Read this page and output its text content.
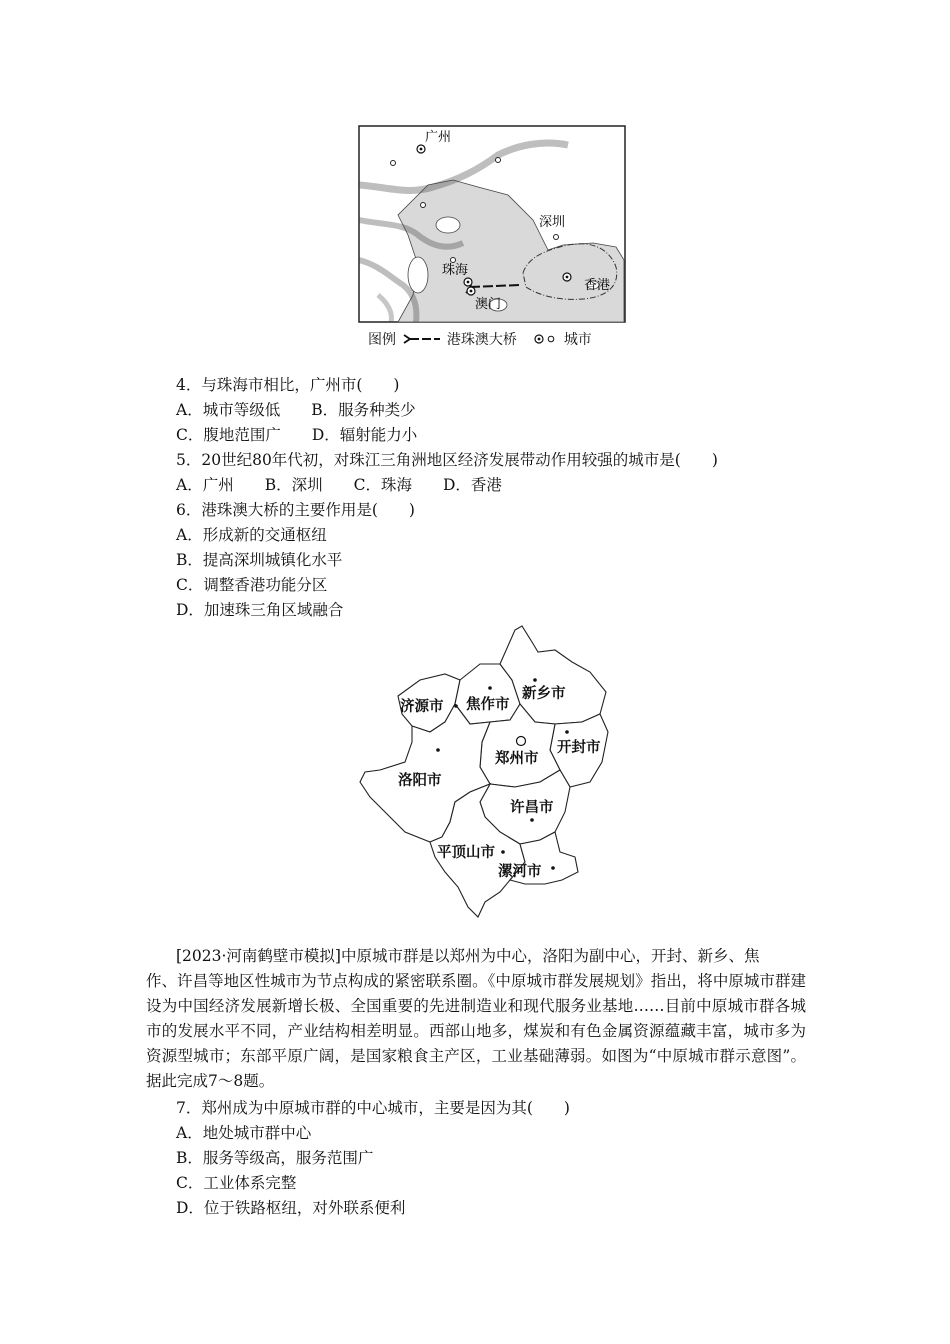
广州
深圳
珠海
澳门
香港
图例	港珠澳大桥	城市
4．与珠海市相比，广州市(　　)
A．城市等级低　　B．服务种类少
C．腹地范围广　　D．辐射能力小
5．20世纪80年代初，对珠江三角洲地区经济发展带动作用较强的城市是(　　)
A．广州　　B．深圳　　C．珠海　　D．香港
6．港珠澳大桥的主要作用是(　　)
A．形成新的交通枢纽
B．提高深圳城镇化水平
C．调整香港功能分区
D．加速珠三角区域融合
济源市 焦作市
新乡市
开封市
郑州市
洛阳市
许昌市
平顶山市
漯河市

[2023·河南鹤壁市模拟]中原城市群是以郑州为中心，洛阳为副中心，开封、新乡、焦

作、许昌等地区性城市为节点构成的紧密联系圈。《中原城市群发展规划》指出，将中原城市群建设为中国经济发展新增长极、全国重要的先进制造业和现代服务业基地……目前中原城市群各城市的发展水平不同，产业结构相差明显。西部山地多，煤炭和有色金属资源蕴藏丰富，城市多为资源型城市；东部平原广阔，是国家粮食主产区，工业基础薄弱。如图为“中原城市群示意图”。据此完成7～8题。

7．郑州成为中原城市群的中心城市，主要是因为其(　　)
A．地处城市群中心
B．服务等级高，服务范围广
C．工业体系完整
D．位于铁路枢纽，对外联系便利
